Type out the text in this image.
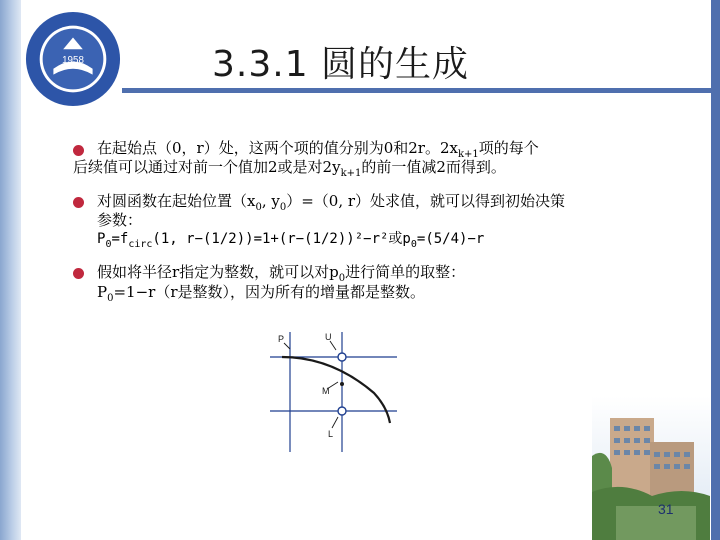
1958	3.3.1 圆的生成
在起始点（0，r）处，这两个项的值分别为0和2r。$2x_{k+1}$项的每个
后续值可以通过对前一个值加2或是对$2y_{k+1}$的前一值减2而得到。
对圆函数在起始位置（$x_0$, $y_0)=(0$, r）处求值，就可以得到初始决策
参数：
$P_0=f_{circ}(1$, r−(1/2))=1+(r−(1/2))²−r²或$p_0=(5/4)-r$
假如将半径r指定为整数，就可以对$p_0$进行简单的取整：
$P_0=1-r(r$是整数），因为所有的增量都是整数。
P	U
M
L
31
